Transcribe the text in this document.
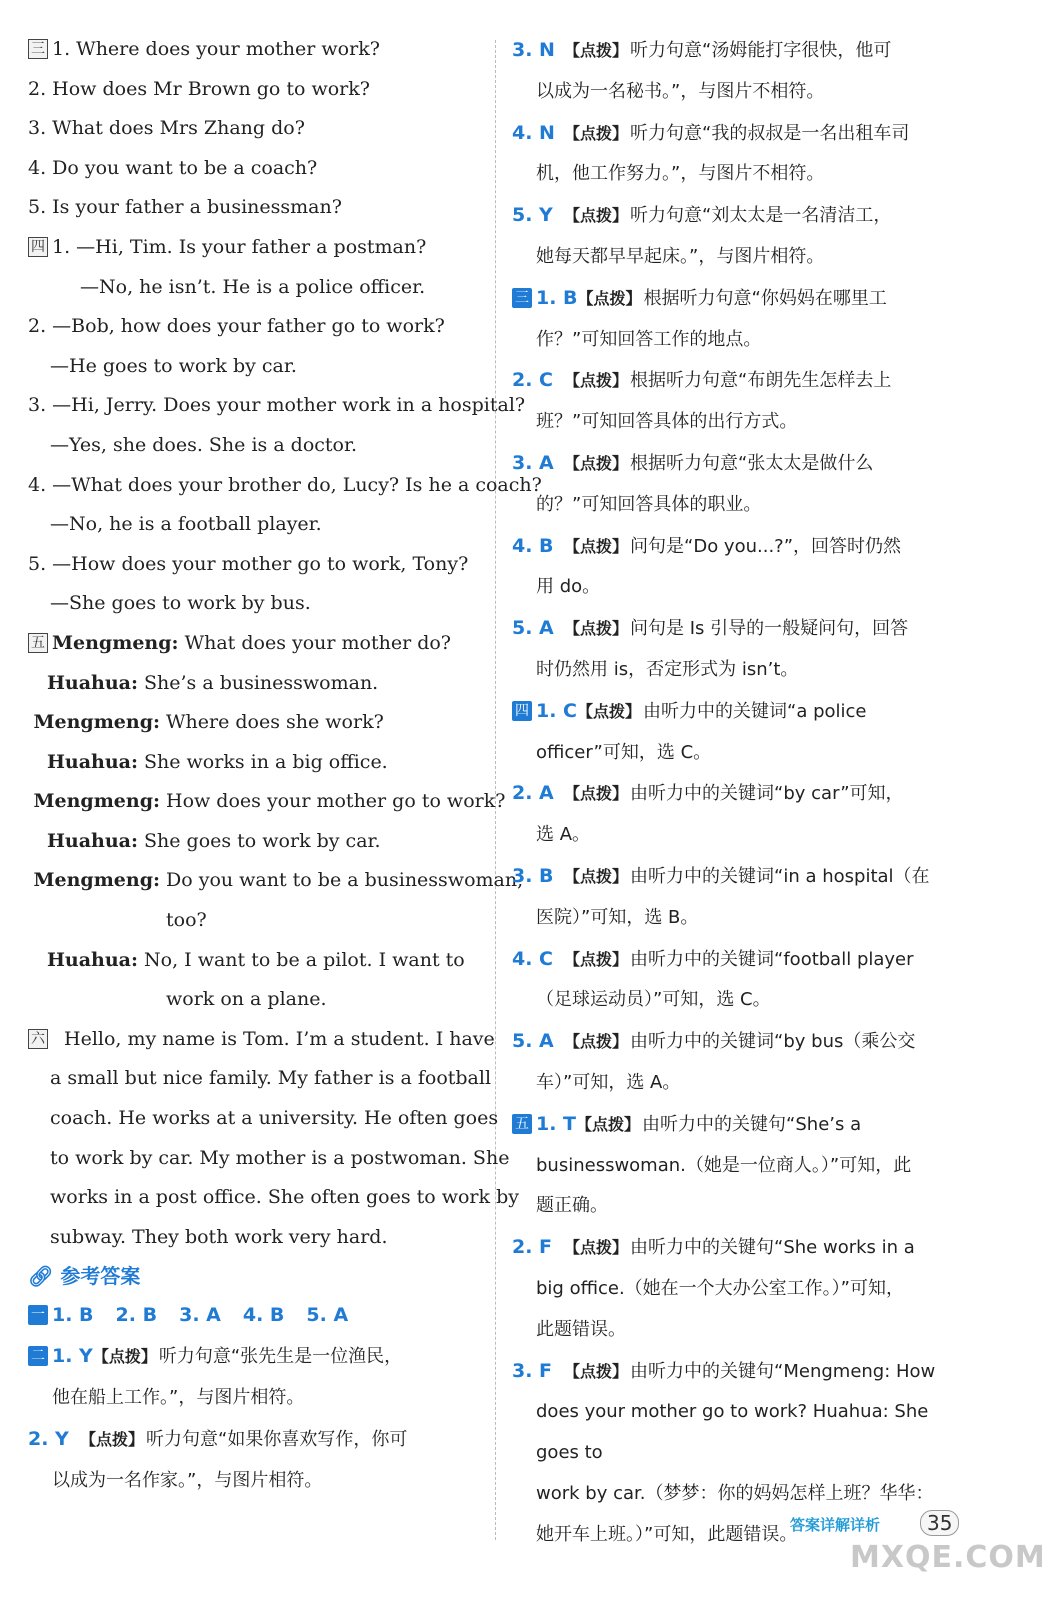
三 1. Where does your mother work?
2. How does Mr Brown go to work?
3. What does Mrs Zhang do?
4. Do you want to be a coach?
5. Is your father a businessman?
四 1. —Hi, Tim. Is your father a postman?
—No, he isn’t. He is a police officer.
2. —Bob, how does your father go to work?
—He goes to work by car.
3. —Hi, Jerry. Does your mother work in a hospital?
—Yes, she does. She is a doctor.
4. —What does your brother do, Lucy? Is he a coach?
—No, he is a football player.
5. —How does your mother go to work, Tony?
—She goes to work by bus.
五 Mengmeng: What does your mother do?
Huahua: She’s a businesswoman.
Mengmeng: Where does she work?
Huahua: She works in a big office.
Mengmeng: How does your mother go to work?
Huahua: She goes to work by car.
Mengmeng: Do you want to be a businesswoman,
too?
Huahua: No, I want to be a pilot. I want to
work on a plane.
六 Hello, my name is Tom. I’m a student. I have
a small but nice family. My father is a football
coach. He works at a university. He often goes
to work by car. My mother is a postwoman. She
works in a post office. She often goes to work by
subway. They both work very hard.
🔗︎ 参考答案
一 1. B 2. B 3. A 4. B 5. A
二 1. Y【点拨】 听力句意“张先生是一位渔民，
他在船上工作。”，与图片相符。
2. Y 【点拨】 听力句意“如果你喜欢写作，你可
以成为一名作家。”，与图片相符。
3. N 【点拨】 听力句意“汤姆能打字很快，他可
以成为一名秘书。”，与图片不相符。
4. N 【点拨】 听力句意“我的叔叔是一名出租车司
机，他工作努力。”，与图片不相符。
5. Y 【点拨】 听力句意“刘太太是一名清洁工，
她每天都早早起床。”，与图片相符。
三 1. B【点拨】 根据听力句意“你妈妈在哪里工
作？”可知回答工作的地点。
2. C 【点拨】 根据听力句意“布朗先生怎样去上
班？”可知回答具体的出行方式。
3. A 【点拨】 根据听力句意“张太太是做什么
的？”可知回答具体的职业。
4. B 【点拨】 问句是“Do you...?”，回答时仍然
用 do。
5. A 【点拨】 问句是 Is 引导的一般疑问句，回答
时仍然用 is，否定形式为 isn’t。
四 1. C【点拨】 由听力中的关键词“a police
officer”可知，选 C。
2. A 【点拨】 由听力中的关键词“by car”可知，
选 A。
3. B 【点拨】 由听力中的关键词“in a hospital（在
医院）”可知，选 B。
4. C 【点拨】 由听力中的关键词“football player
（足球运动员）”可知，选 C。
5. A 【点拨】 由听力中的关键词“by bus（乘公交
车）”可知，选 A。
五 1. T【点拨】 由听力中的关键句“She’s a
businesswoman.（她是一位商人。）”可知，此
题正确。
2. F 【点拨】 由听力中的关键句“She works in a
big office.（她在一个大办公室工作。）”可知，
此题错误。
3. F 【点拨】 由听力中的关键句“Mengmeng: How
does your mother go to work? Huahua: She goes to
work by car.（梦梦：你的妈妈怎样上班？华华：
她开车上班。）”可知，此题错误。
答案详解详析	35
MXQE.COM
